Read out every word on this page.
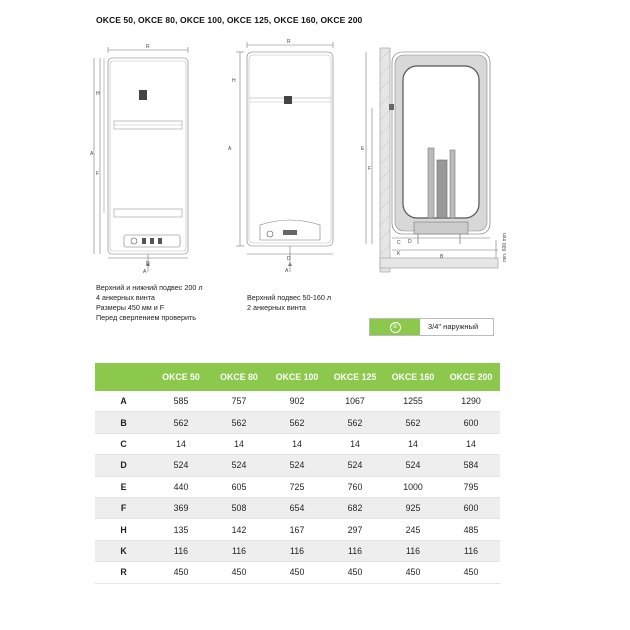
OKCE 50, OKCE 80, OKCE 100, OKCE 125, OKCE 160, OKCE 200
R
H
A
F
D
A
R
H
A
D
A
E
F
C
K
D
B	min. 600 mm
Верхний и нижний подвес 200 л
4 анкерных винта
Размеры 450 мм и F
Перед сверлением проверить
Верхний подвес 50-160 л
2 анкерных винта
①	3/4" наружный
	OKCE 50	OKCE 80	OKCE 100	OKCE 125	OKCE 160	OKCE 200
A	585	757	902	1067	1255	1290
B	562	562	562	562	562	600
C	14	14	14	14	14	14
D	524	524	524	524	524	584
E	440	605	725	760	1000	795
F	369	508	654	682	925	600
H	135	142	167	297	245	485
K	116	116	116	116	116	116
R	450	450	450	450	450	450
